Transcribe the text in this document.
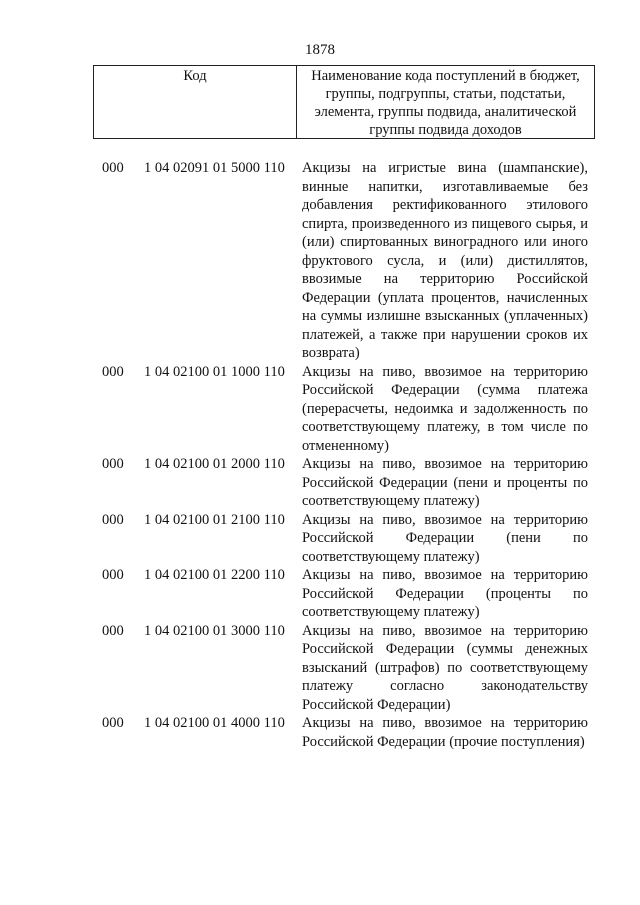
1878
Код	Наименование кода поступлений в бюджет, группы, подгруппы, статьи, подстатьи, элемента, группы подвида, аналитической группы подвида доходов
000 1 04 02091 01 5000 110 Акцизы на игристые вина (шампанские), винные напитки, изготавливаемые без добавления ректификованного этилового спирта, произведенного из пищевого сырья, и (или) спиртованных виноградного или иного фруктового сусла, и (или) дистиллятов, ввозимые на территорию Российской Федерации (уплата процентов, начисленных на суммы излишне взысканных (уплаченных) платежей, а также при нарушении сроков их возврата)
000 1 04 02100 01 1000 110 Акцизы на пиво, ввозимое на территорию Российской Федерации (сумма платежа (перерасчеты, недоимка и задолженность по соответствующему платежу, в том числе по отмененному)
000 1 04 02100 01 2000 110 Акцизы на пиво, ввозимое на территорию Российской Федерации (пени и проценты по соответствующему платежу)
000 1 04 02100 01 2100 110 Акцизы на пиво, ввозимое на территорию Российской Федерации (пени по соответствующему платежу)
000 1 04 02100 01 2200 110 Акцизы на пиво, ввозимое на территорию Российской Федерации (проценты по соответствующему платежу)
000 1 04 02100 01 3000 110 Акцизы на пиво, ввозимое на территорию Российской Федерации (суммы денежных взысканий (штрафов) по соответствующему платежу согласно законодательству Российской Федерации)
000 1 04 02100 01 4000 110 Акцизы на пиво, ввозимое на территорию Российской Федерации (прочие поступления)
